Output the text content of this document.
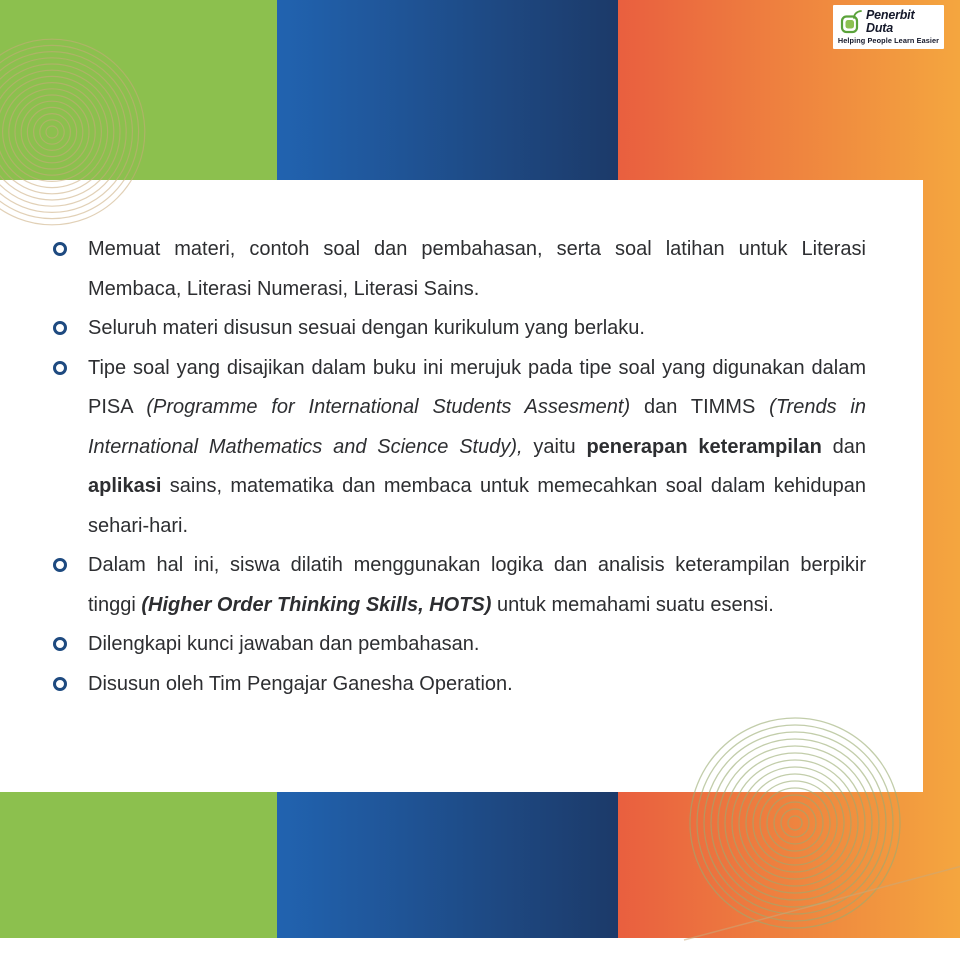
Memuat materi, contoh soal dan pembahasan, serta soal latihan untuk Literasi Membaca, Literasi Numerasi, Literasi Sains.
Seluruh materi disusun sesuai dengan kurikulum yang berlaku.
Tipe soal yang disajikan dalam buku ini merujuk pada tipe soal yang digunakan dalam PISA (Programme for International Students Assesment) dan TIMMS (Trends in International Mathematics and Science Study), yaitu penerapan keterampilan dan aplikasi sains, matematika dan membaca untuk memecahkan soal dalam kehidupan sehari-hari.
Dalam hal ini, siswa dilatih menggunakan logika dan analisis keterampilan berpikir tinggi (Higher Order Thinking Skills, HOTS) untuk memahami suatu esensi.
Dilengkapi kunci jawaban dan pembahasan.
Disusun oleh Tim Pengajar Ganesha Operation.
Penerbit
Duta
Helping People Learn Easier
